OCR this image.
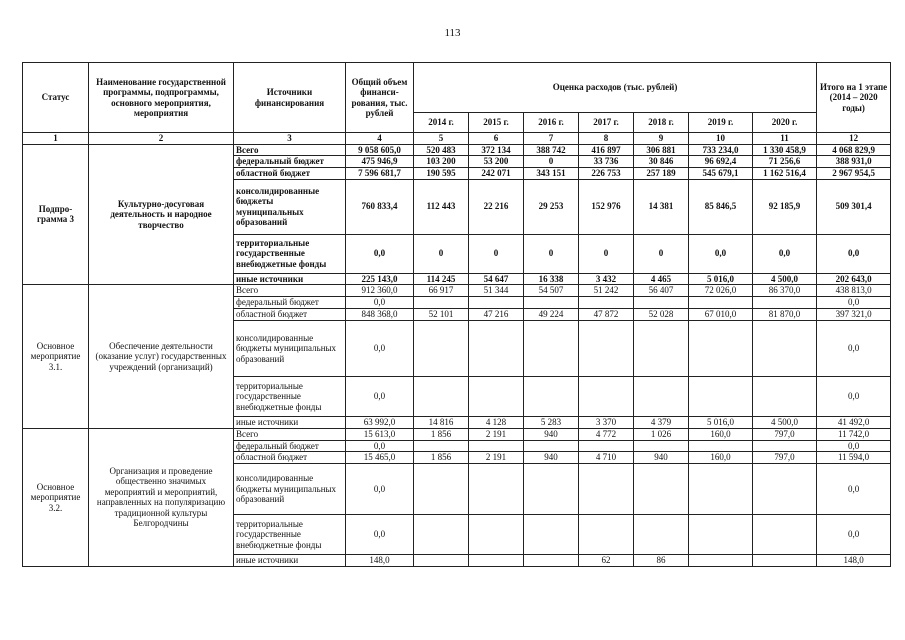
113
Статус	Наименование государственной программы, подпрограммы, основного мероприятия, мероприятия	Источники финансирования	Общий объем финанси-рования, тыс. рублей	Оценка расходов (тыс. рублей)							Итого на 1 этапе (2014 – 2020 годы)
				2014 г.	2015 г.	2016 г.	2017 г.	2018 г.	2019 г.	2020 г.	
1	2	3	4	5	6	7	8	9	10	11	12
Подпро-грамма 3	Культурно-досуговая деятельность и народное творчество	Всего	9 058 605,0	520 483	372 134	388 742	416 897	306 881	733 234,0	1 330 458,9	4 068 829,9
		федеральный бюджет	475 946,9	103 200	53 200	0	33 736	30 846	96 692,4	71 256,6	388 931,0
		областной бюджет	7 596 681,7	190 595	242 071	343 151	226 753	257 189	545 679,1	1 162 516,4	2 967 954,5
		консолидированные бюджеты муниципальных образований	760 833,4	112 443	22 216	29 253	152 976	14 381	85 846,5	92 185,9	509 301,4
		территориальные государственные внебюджетные фонды	0,0	0	0	0	0	0	0,0	0,0	0,0
		иные источники	225 143,0	114 245	54 647	16 338	3 432	4 465	5 016,0	4 500,0	202 643,0
Основное мероприятие 3.1.	Обеспечение деятельности (оказание услуг) государственных учреждений (организаций)	Всего	912 360,0	66 917	51 344	54 507	51 242	56 407	72 026,0	86 370,0	438 813,0
		федеральный бюджет	0,0								0,0
		областной бюджет	848 368,0	52 101	47 216	49 224	47 872	52 028	67 010,0	81 870,0	397 321,0
		консолидированные бюджеты муниципальных образований	0,0								0,0
		территориальные государственные внебюджетные фонды	0,0								0,0
		иные источники	63 992,0	14 816	4 128	5 283	3 370	4 379	5 016,0	4 500,0	41 492,0
Основное мероприятие 3.2.	Организация и проведение общественно значимых мероприятий и мероприятий, направленных на популяризацию традиционной культуры Белгородчины	Всего	15 613,0	1 856	2 191	940	4 772	1 026	160,0	797,0	11 742,0
		федеральный бюджет	0,0								0,0
		областной бюджет	15 465,0	1 856	2 191	940	4 710	940	160,0	797,0	11 594,0
		консолидированные бюджеты муниципальных образований	0,0								0,0
		территориальные государственные внебюджетные фонды	0,0								0,0
		иные источники	148,0				62	86			148,0
